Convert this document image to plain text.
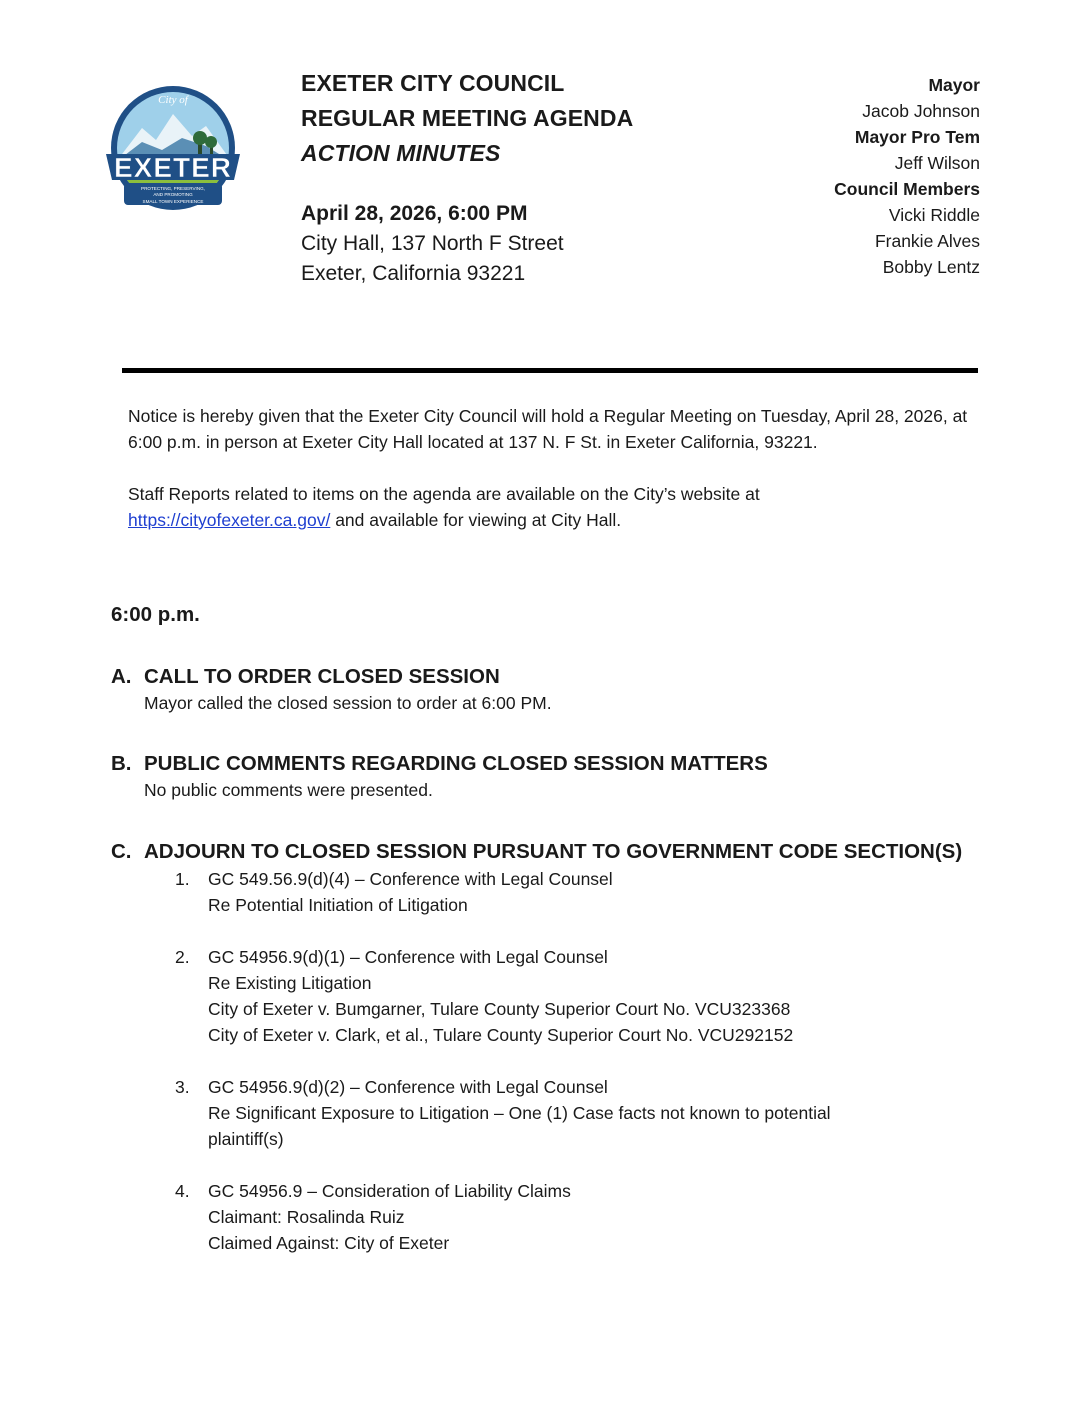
City of
EXETER
PROTECTING, PRESERVING,
AND PROMOTING
SMALL TOWN EXPERIENCE
EXETER CITY COUNCIL
REGULAR MEETING AGENDA
ACTION MINUTES
April 28, 2026, 6:00 PM
City Hall, 137 North F Street
Exeter, California 93221
Mayor
Jacob Johnson
Mayor Pro Tem
Jeff Wilson
Council Members
Vicki Riddle
Frankie Alves
Bobby Lentz

Notice is hereby given that the Exeter City Council will hold a Regular Meeting on Tuesday, April 28, 2026, at 6:00 p.m. in person at Exeter City Hall located at 137 N. F St. in Exeter California, 93221.

Staff Reports related to items on the agenda are available on the City’s website at
https://cityofexeter.ca.gov/ and available for viewing at City Hall.

6:00 p.m.
A. CALL TO ORDER CLOSED SESSION
Mayor called the closed session to order at 6:00 PM.
B. PUBLIC COMMENTS REGARDING CLOSED SESSION MATTERS
No public comments were presented.
C. ADJOURN TO CLOSED SESSION PURSUANT TO GOVERNMENT CODE SECTION(S)
1.	GC 549.56.9(d)(4) – Conference with Legal Counsel
Re Potential Initiation of Litigation
2.	GC 54956.9(d)(1) – Conference with Legal Counsel
Re Existing Litigation
City of Exeter v. Bumgarner, Tulare County Superior Court No. VCU323368
City of Exeter v. Clark, et al., Tulare County Superior Court No. VCU292152
3.	GC 54956.9(d)(2) – Conference with Legal Counsel
Re Significant Exposure to Litigation – One (1) Case facts not known to potential plaintiff(s)
4.	GC 54956.9 – Consideration of Liability Claims
Claimant: Rosalinda Ruiz
Claimed Against: City of Exeter
